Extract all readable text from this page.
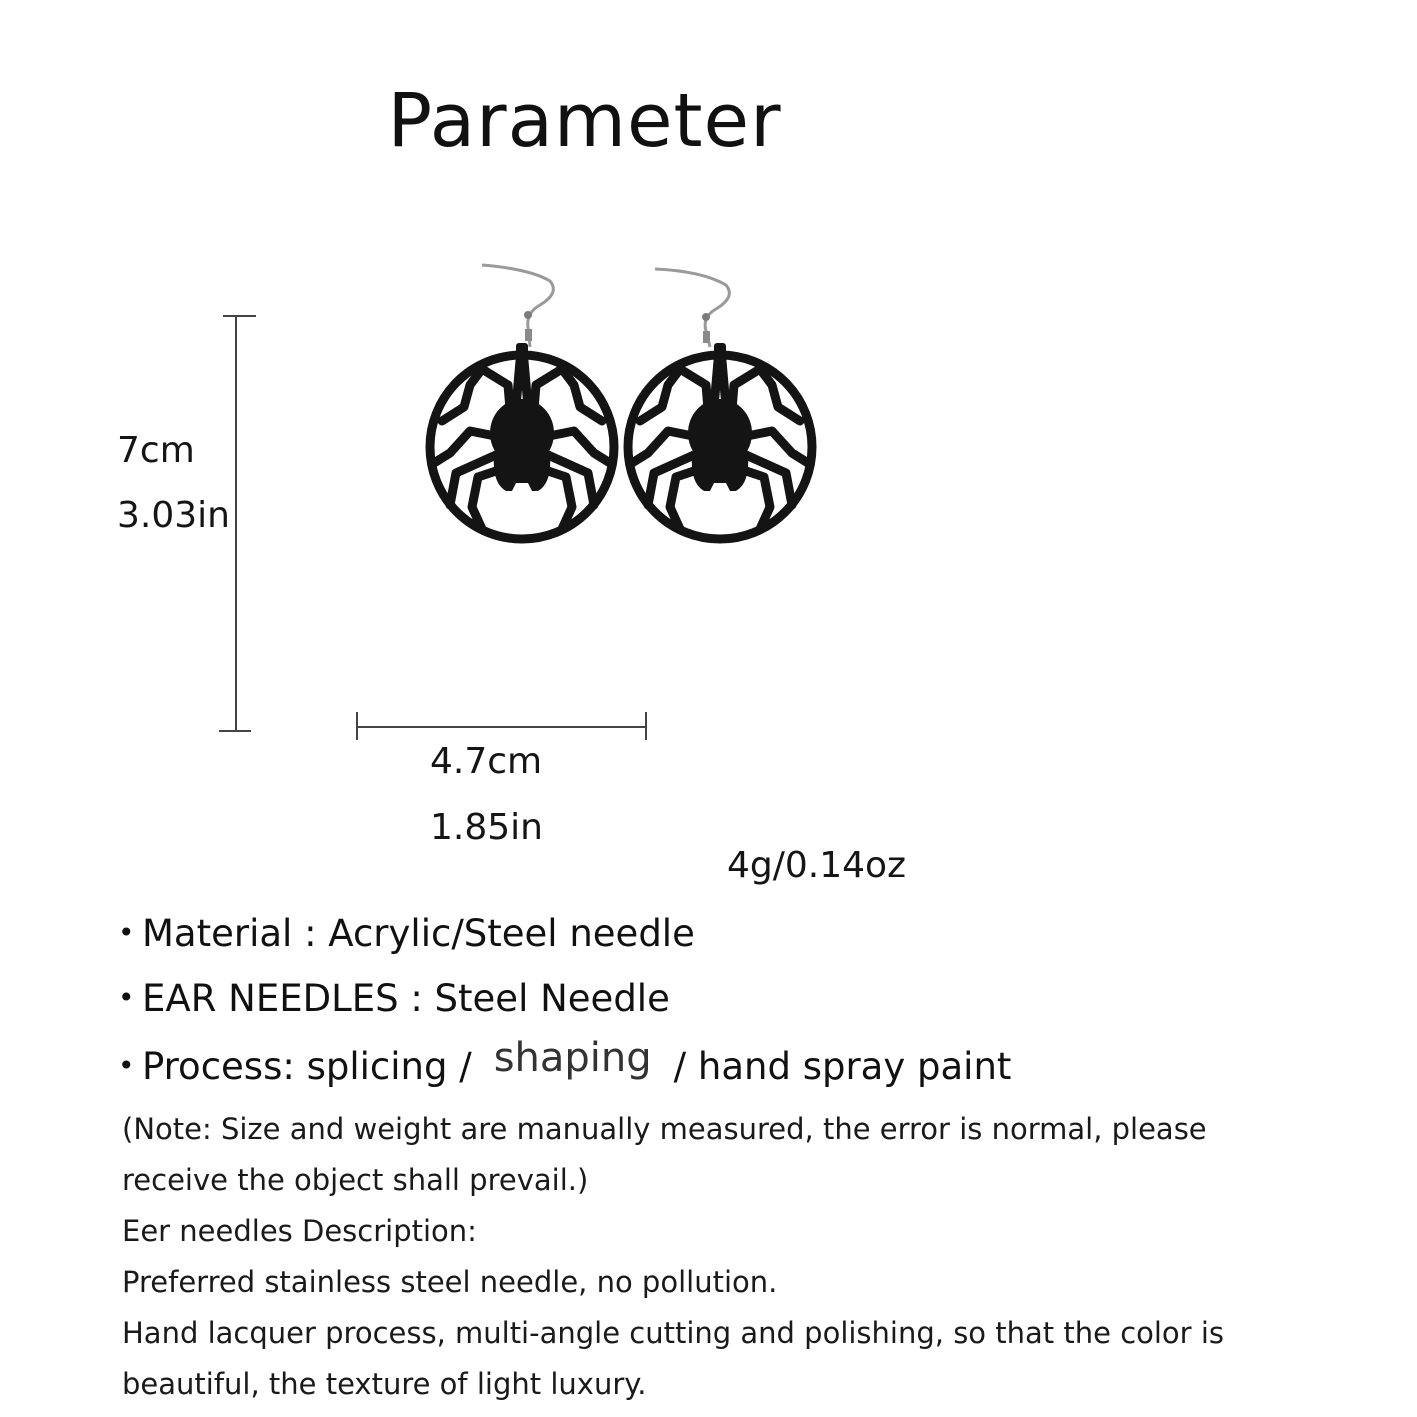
Parameter
7cm
3.03in
4.7cm
1.85in
4g/0.14oz
• Material : Acrylic/Steel needle
• EAR NEEDLES : Steel Needle
• Process: splicing / shaping / hand spray paint
(Note: Size and weight are manually measured, the error is normal, please
receive the object shall prevail.)
Eer needles Description:
Preferred stainless steel needle, no pollution.
Hand lacquer process, multi-angle cutting and polishing, so that the color is
beautiful, the texture of light luxury.
